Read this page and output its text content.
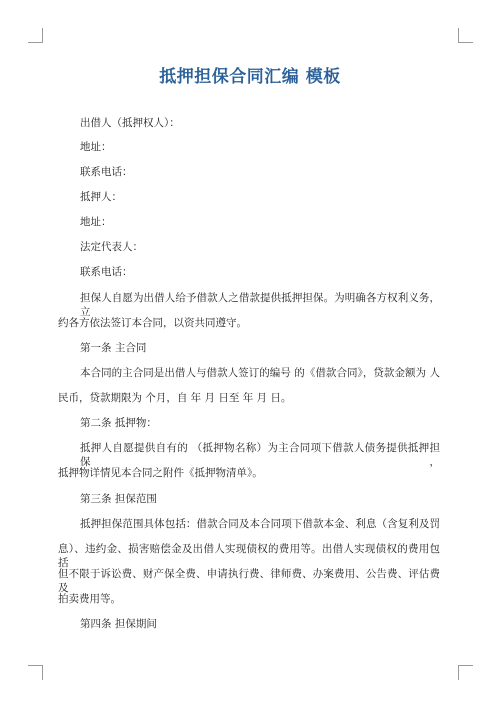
抵押担保合同汇编 模板
出借人（抵押权人）：
地址：
联系电话：
抵押人：
地址：
法定代表人：
联系电话：
担保人自愿为出借人给予借款人之借款提供抵押担保。为明确各方权利义务，立
约各方依法签订本合同，以资共同遵守。
第一条 主合同
本合同的主合同是出借人与借款人签订的编号 的《借款合同》，贷款金额为 人
民币，贷款期限为 个月，自 年 月 日至 年 月 日。
第二条 抵押物：
抵押人自愿提供自有的 （抵押物名称）为主合同项下借款人债务提供抵押担保，
抵押物详情见本合同之附件《抵押物清单》。
第三条 担保范围
抵押担保范围具体包括：借款合同及本合同项下借款本金、利息（含复利及罚
息）、违约金、损害赔偿金及出借人实现债权的费用等。出借人实现债权的费用包括
但不限于诉讼费、财产保全费、申请执行费、律师费、办案费用、公告费、评估费及
拍卖费用等。
第四条 担保期间
